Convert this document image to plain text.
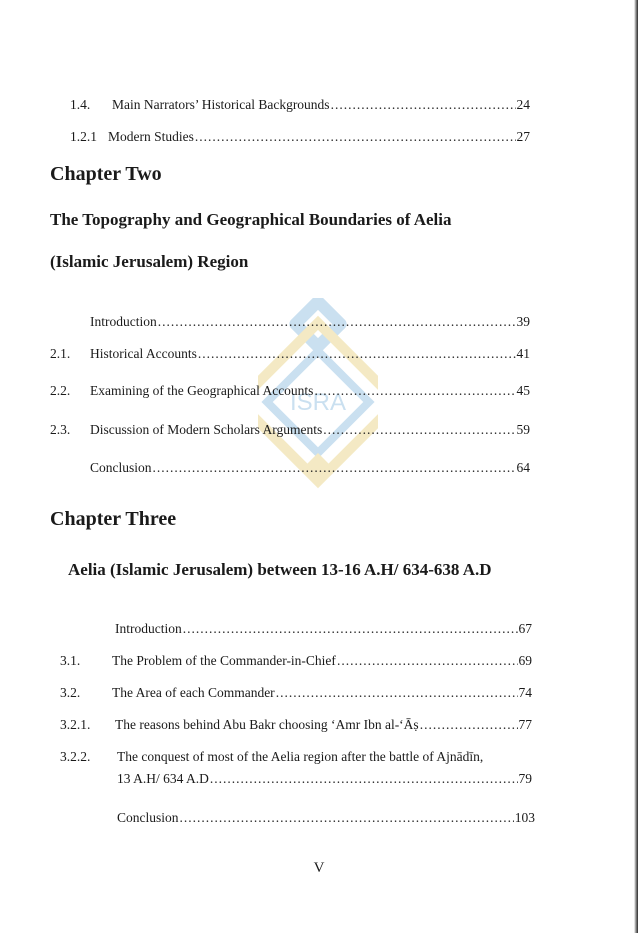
ISRA
1.4.	Main Narrators’ Historical Backgrounds .....	24
1.2.1 Modern Studies .....	27
Chapter Two
The Topography and Geographical Boundaries of Aelia
(Islamic Jerusalem) Region
Introduction .....	39
2.1.	Historical Accounts .....	41
2.2.	Examining of the Geographical Accounts .....	45
2.3.	Discussion of Modern Scholars Arguments .....	59
Conclusion .....	64
Chapter Three
Aelia (Islamic Jerusalem) between 13-16 A.H/ 634-638 A.D
Introduction .....	67
3.1.	The Problem of the Commander-in-Chief .....	69
3.2.	The Area of each Commander .....	74
3.2.1.	The reasons behind Abu Bakr choosing ‘Amr Ibn al-‘Āṣ .....	77
3.2.2.	The conquest of most of the Aelia region after the battle of Ajnādīn,
13 A.H/ 634 A.D .....	79
Conclusion .....	103
V
